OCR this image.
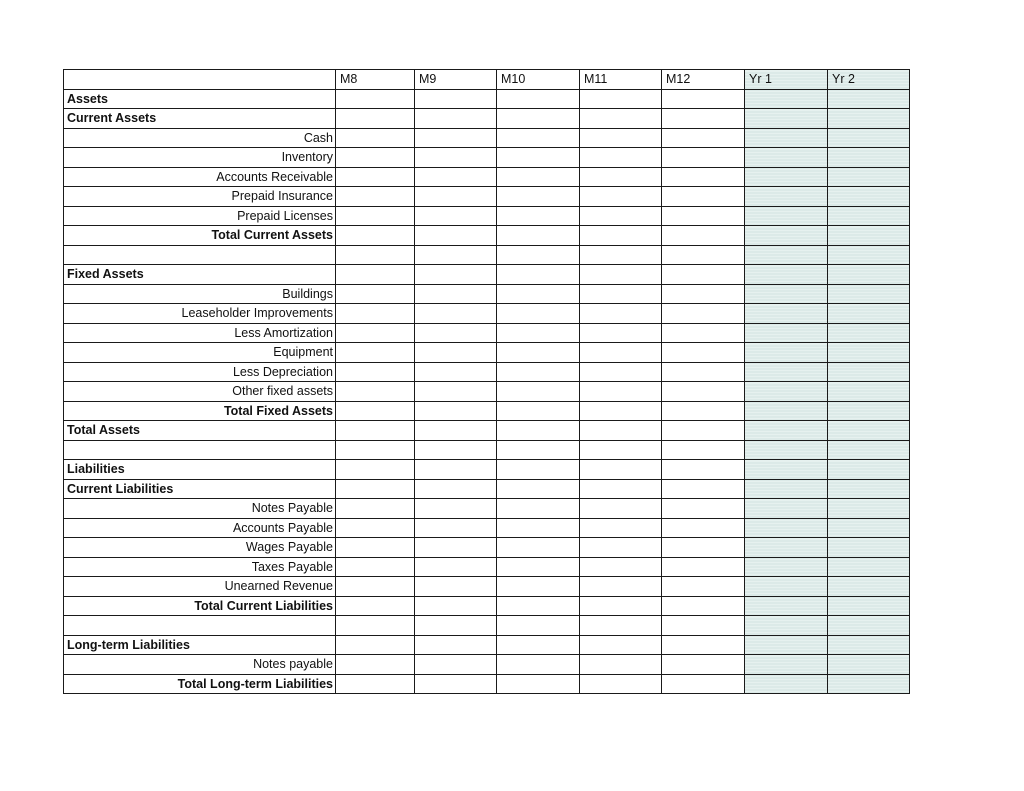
	M8	M9	M10	M11	M12	Yr 1	Yr 2
Assets							
Current Assets							
Cash							
Inventory							
Accounts Receivable							
Prepaid Insurance							
Prepaid Licenses							
Total Current Assets							

Fixed Assets							
Buildings							
Leaseholder Improvements							
Less Amortization							
Equipment							
Less Depreciation							
Other fixed assets							
Total Fixed Assets							
Total Assets							

Liabilities							
Current Liabilities							
Notes Payable							
Accounts Payable							
Wages Payable							
Taxes Payable							
Unearned Revenue							
Total Current Liabilities							

Long-term Liabilities							
Notes payable							
Total Long-term Liabilities							
